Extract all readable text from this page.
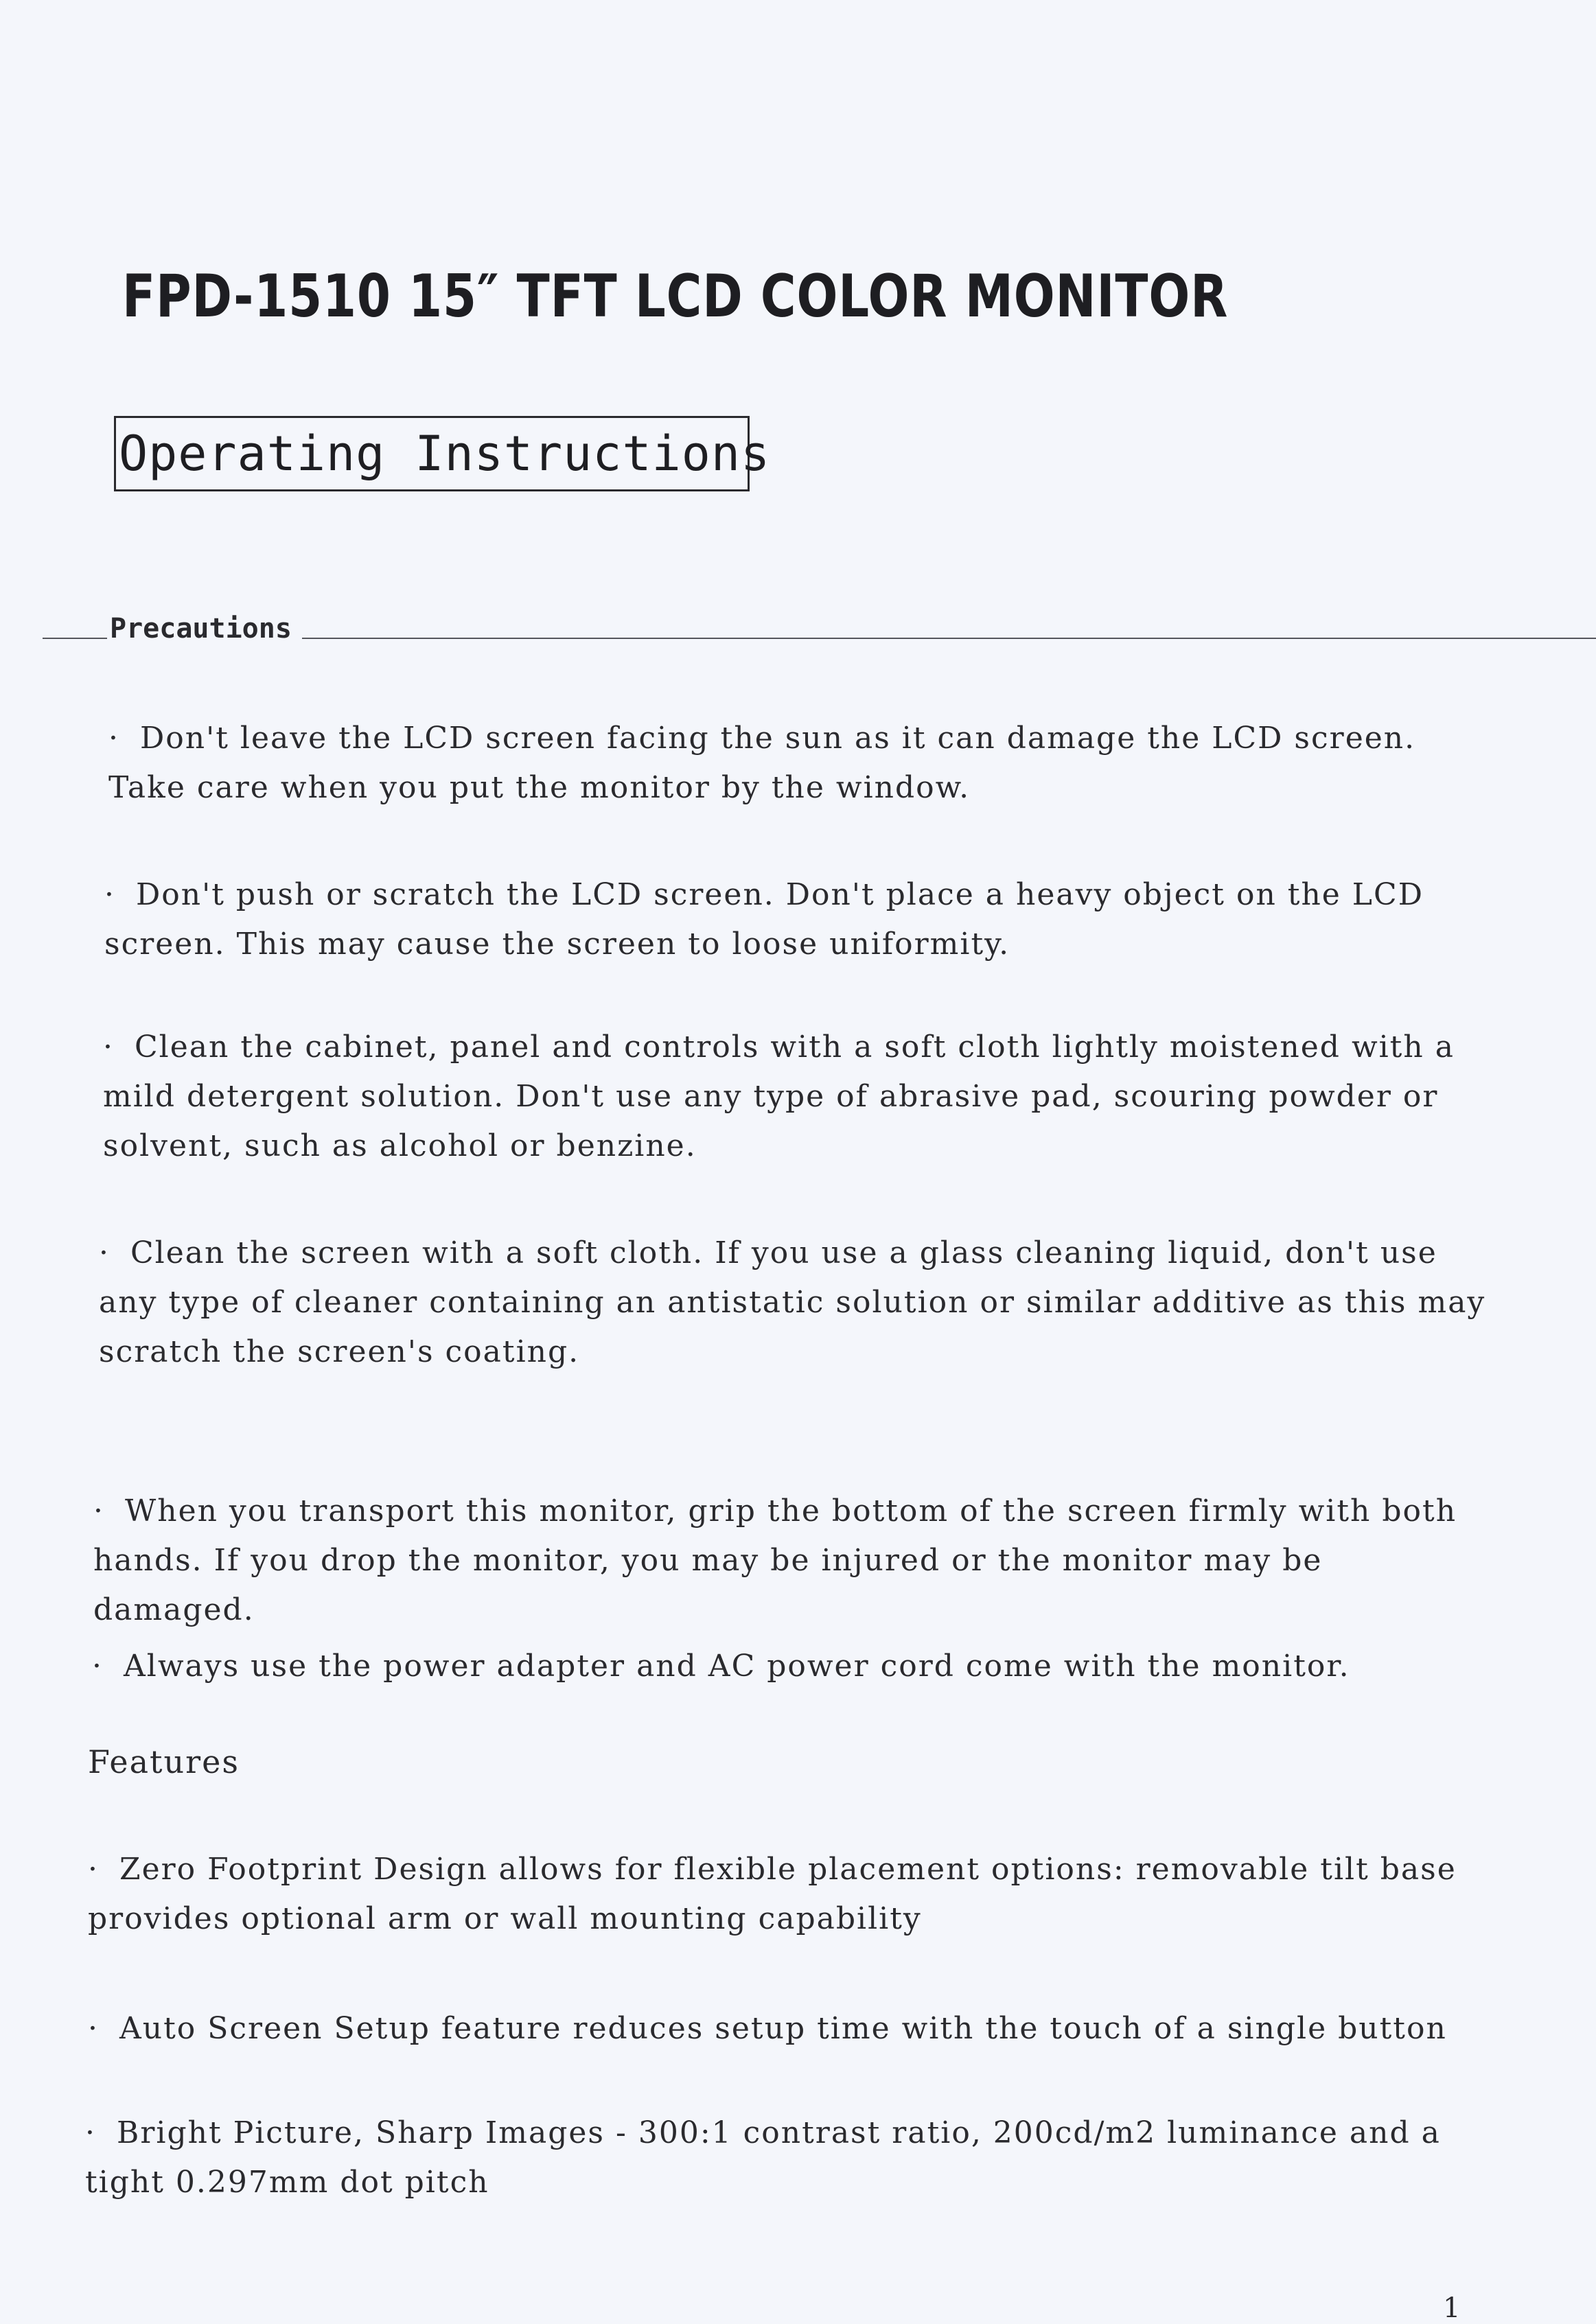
FPD-1510 15″ TFT LCD COLOR MONITOR
Operating Instructions
Precautions
· Don't leave the LCD screen facing the sun as it can damage the LCD screen. Take care when you put the monitor by the window.
· Don't push or scratch the LCD screen. Don't place a heavy object on the LCD screen. This may cause the screen to loose uniformity.
· Clean the cabinet, panel and controls with a soft cloth lightly moistened with a mild detergent solution. Don't use any type of abrasive pad, scouring powder or solvent, such as alcohol or benzine.
· Clean the screen with a soft cloth. If you use a glass cleaning liquid, don't use any type of cleaner containing an antistatic solution or similar additive as this may scratch the screen's coating.
· When you transport this monitor, grip the bottom of the screen firmly with both hands. If you drop the monitor, you may be injured or the monitor may be damaged.
· Always use the power adapter and AC power cord come with the monitor.
Features
· Zero Footprint Design allows for flexible placement options: removable tilt base provides optional arm or wall mounting capability
· Auto Screen Setup feature reduces setup time with the touch of a single button
· Bright Picture, Sharp Images - 300:1 contrast ratio, 200cd/m2 luminance and a tight 0.297mm dot pitch
1
